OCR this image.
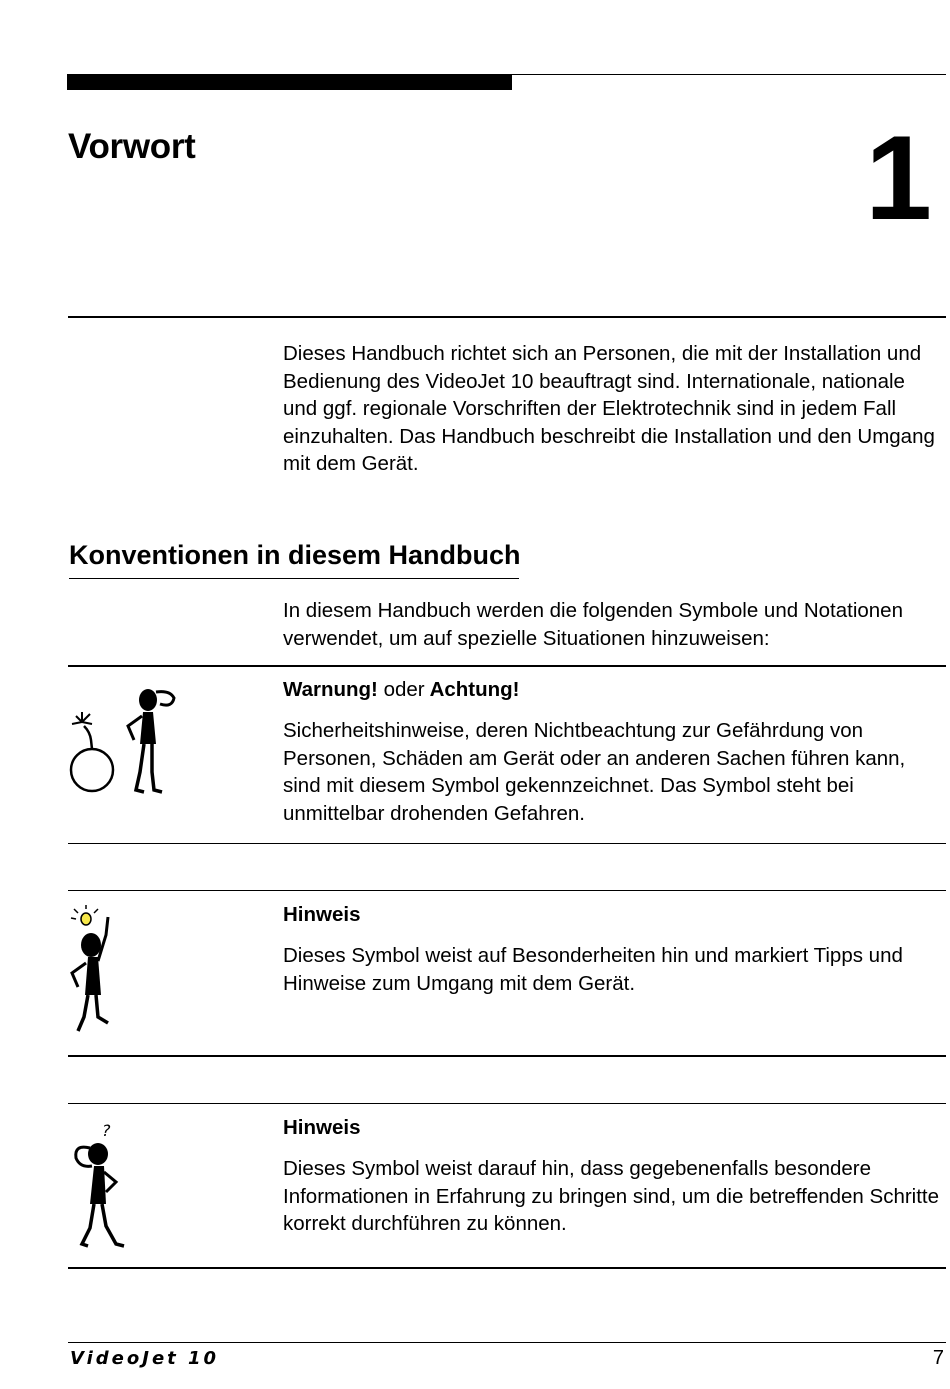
Vorwort	1

Dieses Handbuch richtet sich an Personen, die mit der Installation und Bedienung des VideoJet 10 beauftragt sind. Internationale, nationale und ggf. regionale Vorschriften der Elektrotechnik sind in jedem Fall einzuhalten. Das Handbuch beschreibt die Installation und den Umgang mit dem Gerät.

Konventionen in diesem Handbuch

In diesem Handbuch werden die folgenden Symbole und Notationen verwendet, um auf spezielle Situationen hinzuweisen:

Warnung! oder Achtung!

Sicherheitshinweise, deren Nichtbeachtung zur Gefährdung von Personen, Schäden am Gerät oder an anderen Sachen führen kann, sind mit diesem Symbol gekennzeichnet. Das Symbol steht bei unmittelbar drohenden Gefahren.

Hinweis

Dieses Symbol weist auf Besonderheiten hin und markiert Tipps und Hinweise zum Umgang mit dem Gerät.

Hinweis

Dieses Symbol weist darauf hin, dass gegebenenfalls besondere Informationen in Erfahrung zu bringen sind, um die betreffenden Schritte korrekt durchführen zu können.

?
VideoJet 10	7
